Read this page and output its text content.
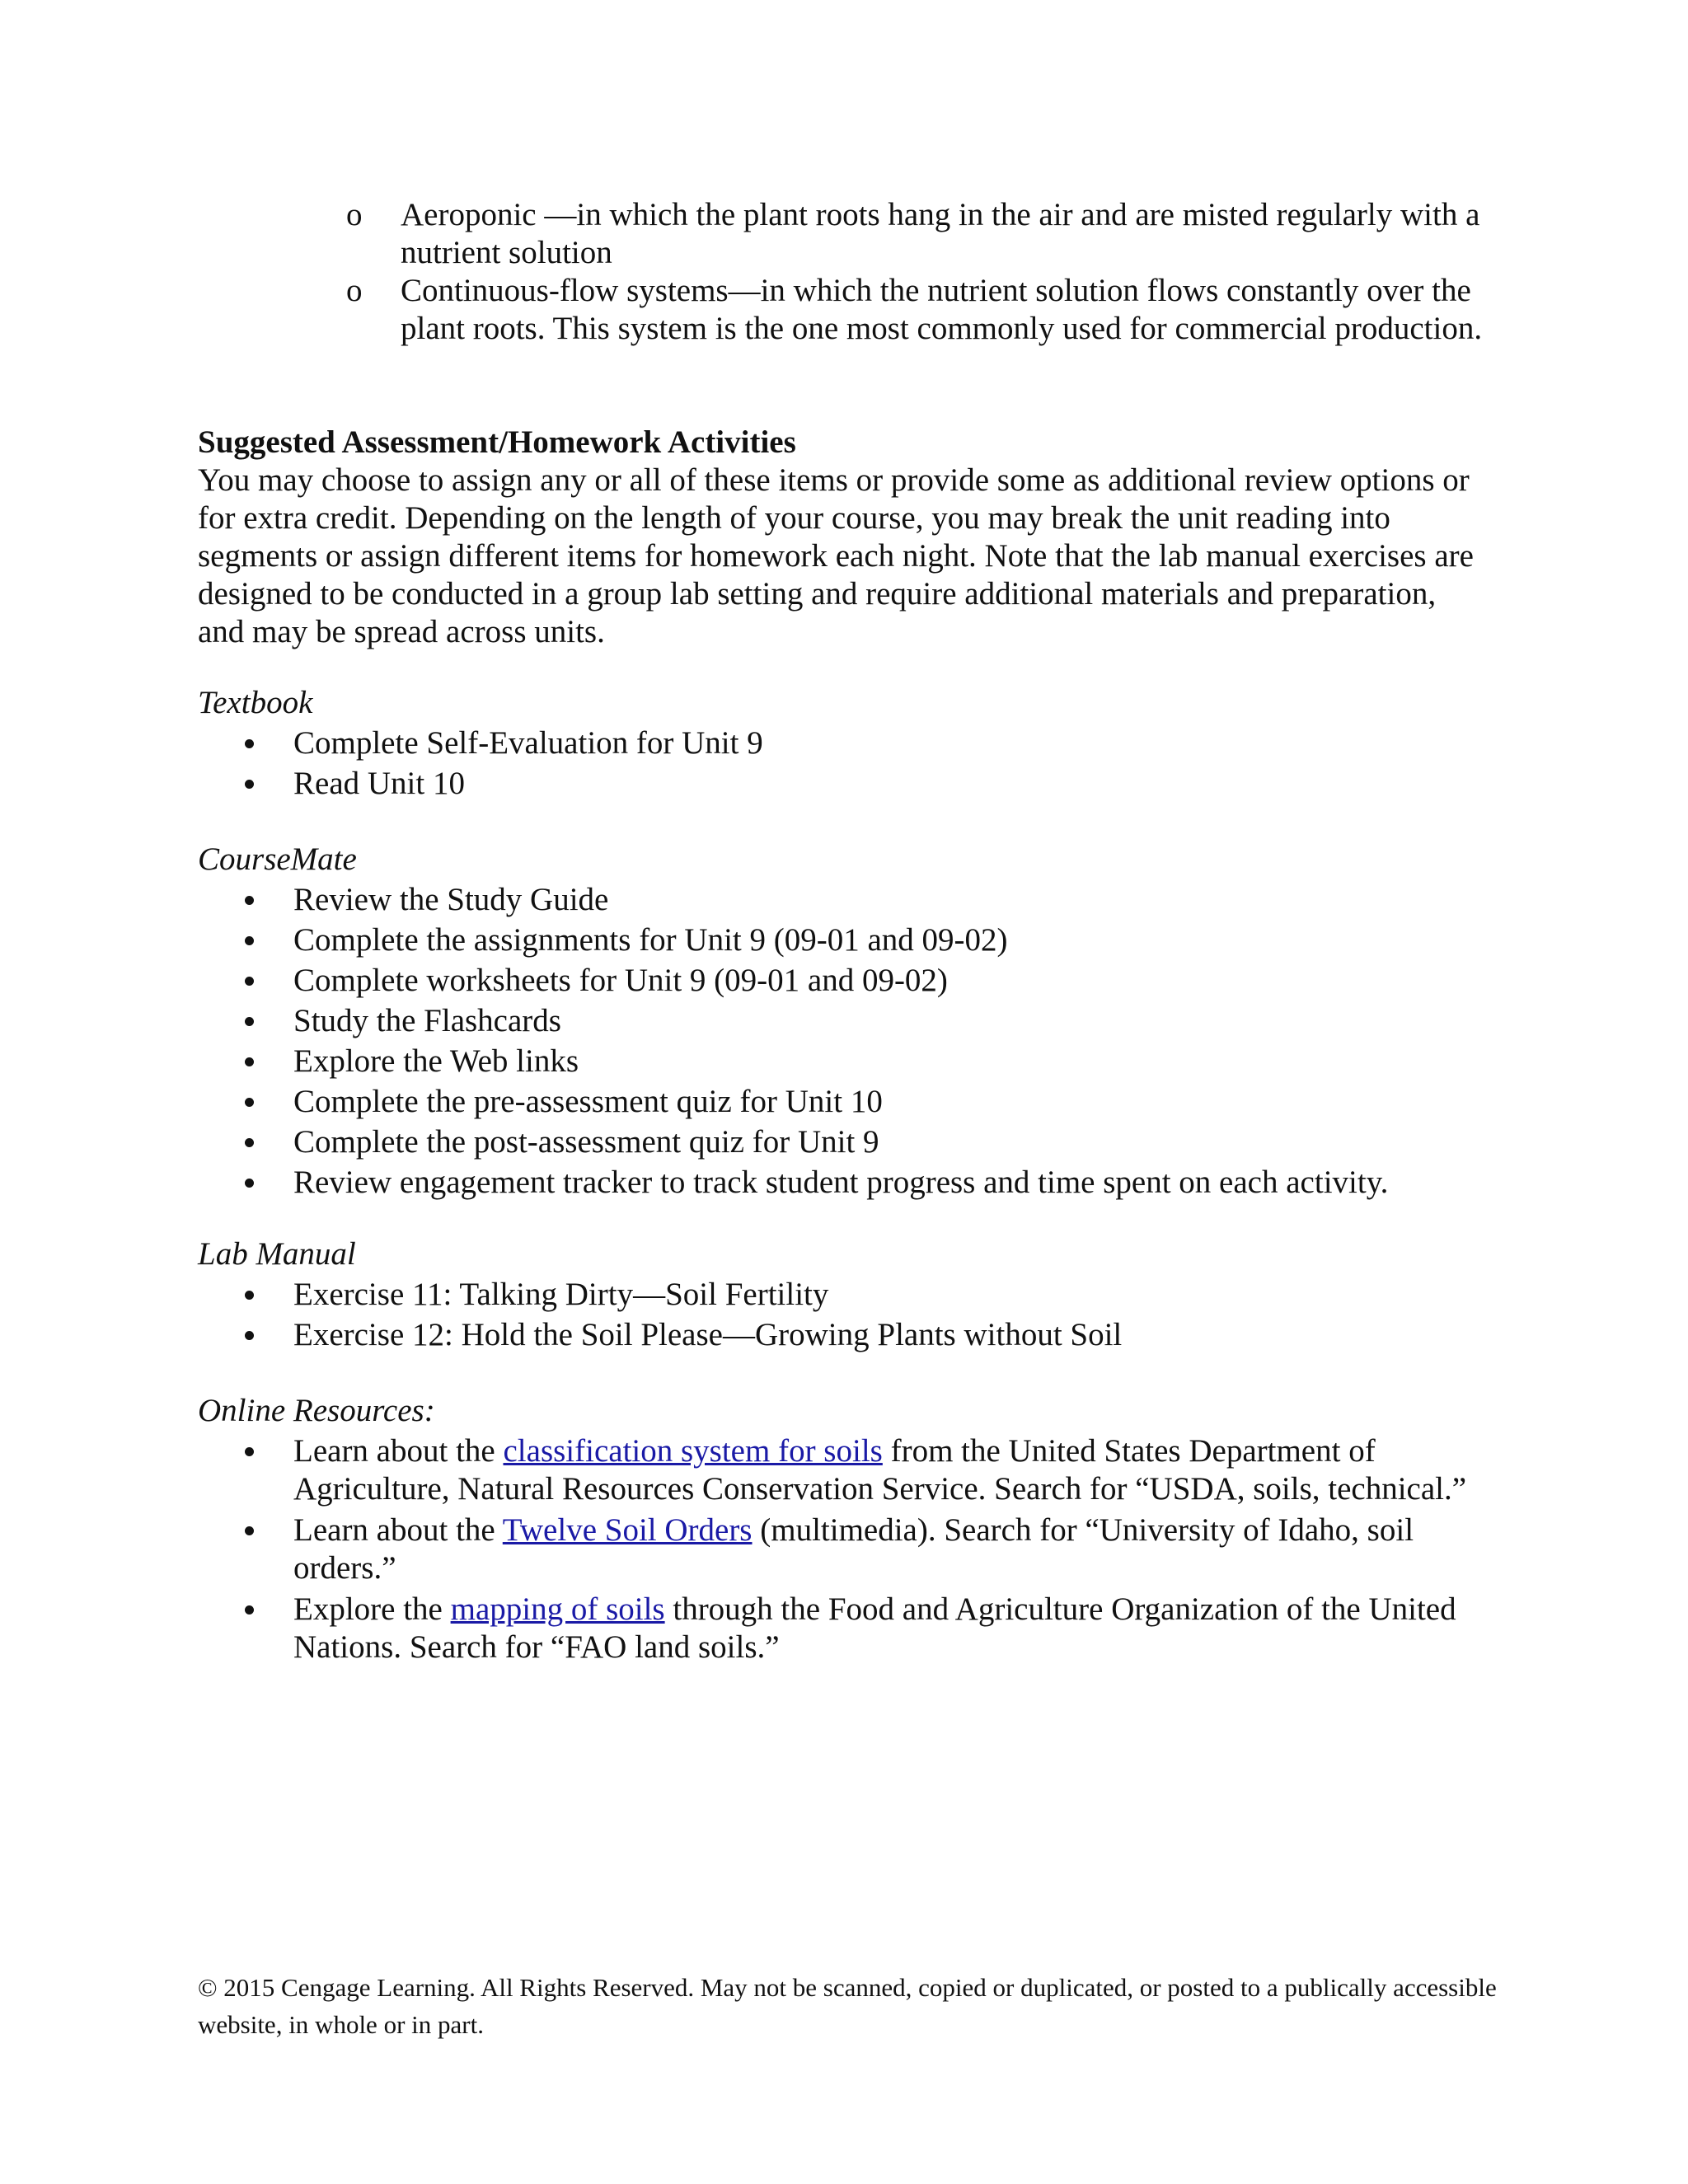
o Aeroponic —in which the plant roots hang in the air and are misted regularly with a nutrient solution
o Continuous-flow systems—in which the nutrient solution flows constantly over the plant roots. This system is the one most commonly used for commercial production.

Suggested Assessment/Homework Activities

You may choose to assign any or all of these items or provide some as additional review options or for extra credit. Depending on the length of your course, you may break the unit reading into segments or assign different items for homework each night. Note that the lab manual exercises are designed to be conducted in a group lab setting and require additional materials and preparation, and may be spread across units.

Textbook

Complete Self-Evaluation for Unit 9
Read Unit 10

CourseMate

Review the Study Guide
Complete the assignments for Unit 9 (09-01 and 09-02)
Complete worksheets for Unit 9 (09-01 and 09-02)
Study the Flashcards
Explore the Web links
Complete the pre-assessment quiz for Unit 10
Complete the post-assessment quiz for Unit 9
Review engagement tracker to track student progress and time spent on each activity.

Lab Manual

Exercise 11: Talking Dirty—Soil Fertility
Exercise 12: Hold the Soil Please—Growing Plants without Soil

Online Resources:

Learn about the classification system for soils from the United States Department of Agriculture, Natural Resources Conservation Service. Search for “USDA, soils, technical.”
Learn about the Twelve Soil Orders (multimedia). Search for “University of Idaho, soil orders.”
Explore the mapping of soils through the Food and Agriculture Organization of the United Nations. Search for “FAO land soils.”

© 2015 Cengage Learning. All Rights Reserved. May not be scanned, copied or duplicated, or posted to a publically accessible website, in whole or in part.
